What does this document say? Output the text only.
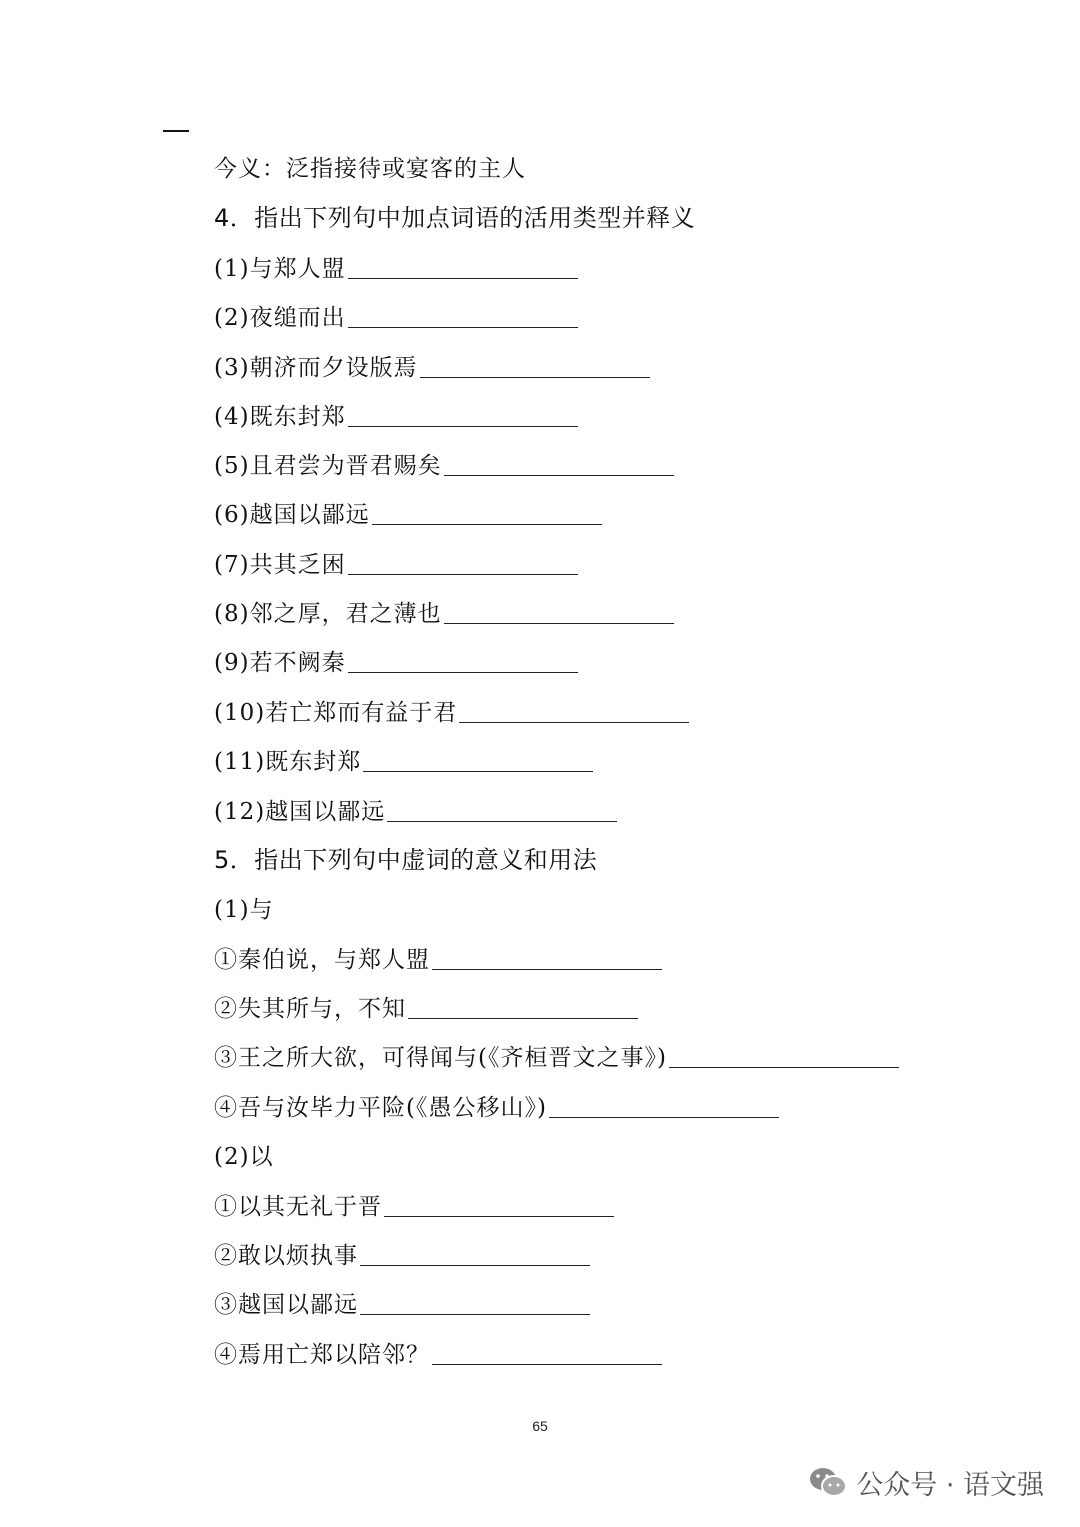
今义：泛指接待或宴客的主人
4．指出下列句中加点词语的活用类型并释义
(1)与郑人盟
(2)夜缒而出
(3)朝济而夕设版焉
(4)既东封郑
(5)且君尝为晋君赐矣
(6)越国以鄙远
(7)共其乏困
(8)邻之厚，君之薄也
(9)若不阙秦
(10)若亡郑而有益于君
(11)既东封郑
(12)越国以鄙远
5．指出下列句中虚词的意义和用法
(1)与
①秦伯说，与郑人盟
②失其所与，不知
③王之所大欲，可得闻与(《齐桓晋文之事》)
④吾与汝毕力平险(《愚公移山》)
(2)以
①以其无礼于晋
②敢以烦执事
③越国以鄙远
④焉用亡郑以陪邻？
65
公众号 · 语文强
